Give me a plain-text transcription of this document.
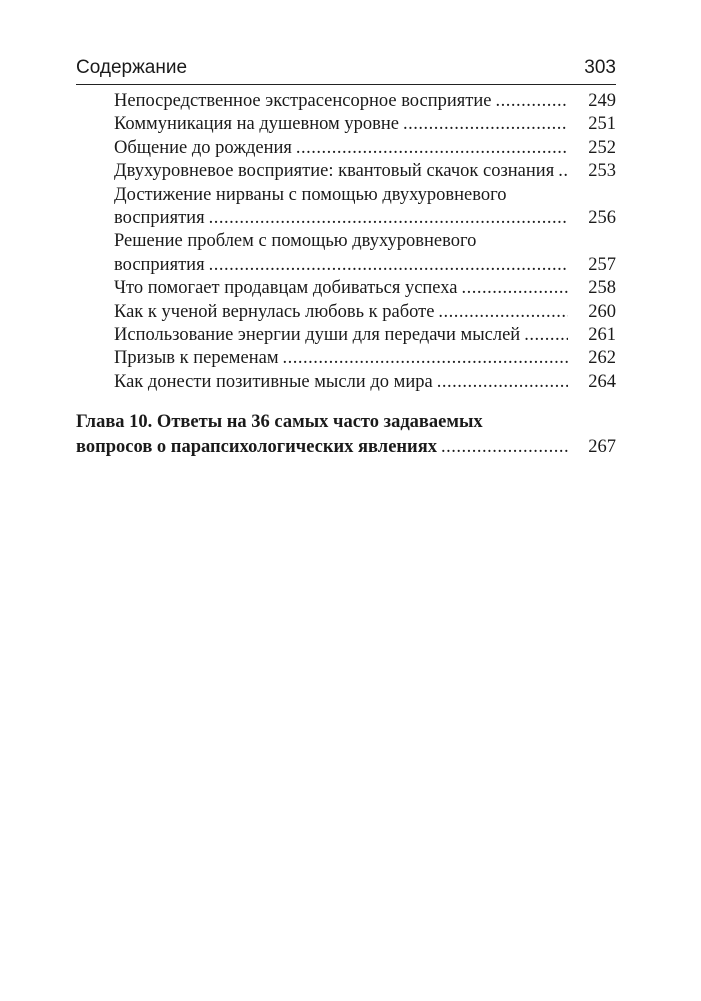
Содержание	303
Непосредственное экстрасенсорное восприятие .....	249
Коммуникация на душевном уровне .....	251
Общение до рождения .....	252
Двухуровневое восприятие: квантовый скачок сознания .....	253
Достижение нирваны с помощью двухуровневого
восприятия .....	256
Решение проблем с помощью двухуровневого
восприятия .....	257
Что помогает продавцам добиваться успеха .....	258
Как к ученой вернулась любовь к работе .....	260
Использование энергии души для передачи мыслей .....	261
Призыв к переменам .....	262
Как донести позитивные мысли до мира .....	264
Глава 10. Ответы на 36 самых часто задаваемых
вопросов о парапсихологических явлениях .....	267
